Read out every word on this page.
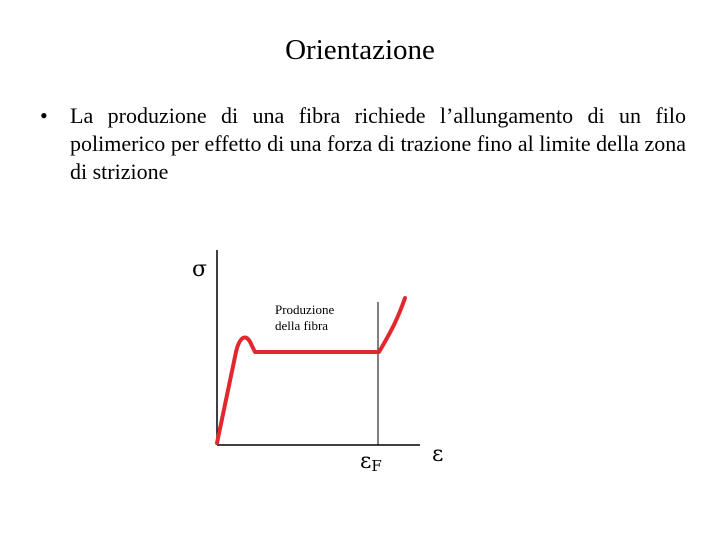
Orientazione
• La produzione di una fibra richiede l’allungamento di un filo polimerico per effetto di una forza di trazione fino al limite della zona di strizione
σ
ε
εF
Produzione
della fibra
